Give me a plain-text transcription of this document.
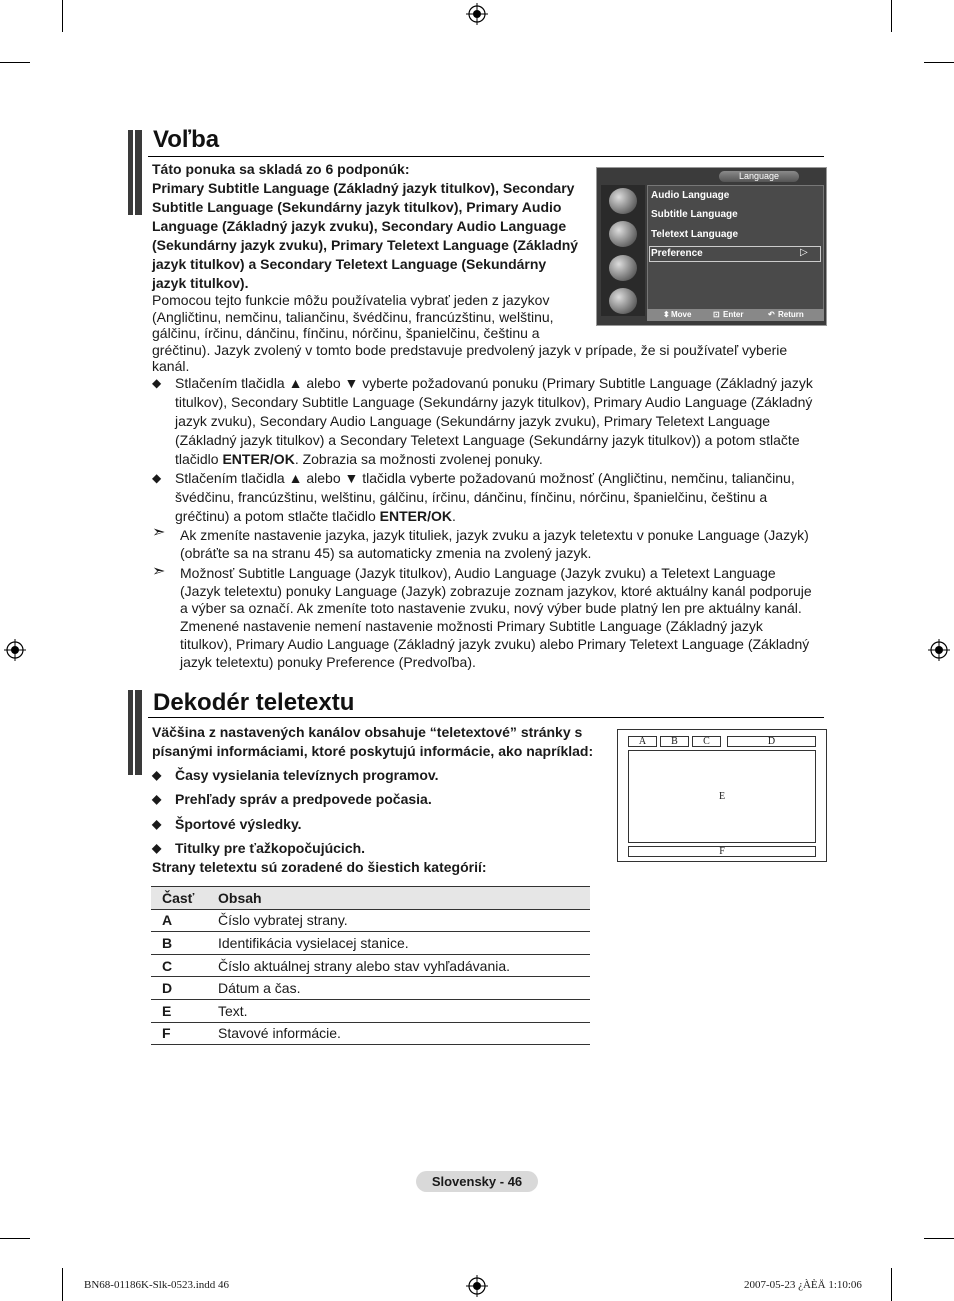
Voľba
Táto ponuka sa skladá zo 6 podponúk:
Primary Subtitle Language (Základný jazyk titulkov), Secondary
Subtitle Language (Sekundárny jazyk titulkov), Primary Audio
Language (Základný jazyk zvuku), Secondary Audio Language
(Sekundárny jazyk zvuku), Primary Teletext Language (Základný
jazyk titulkov) a Secondary Teletext Language (Sekundárny
jazyk titulkov).
Pomocou tejto funkcie môžu používatelia vybrať jeden z jazykov
(Angličtinu, nemčinu, taliančinu, švédčinu, francúzštinu, welštinu,
gálčinu, írčinu, dánčinu, fínčinu, nórčinu, španielčinu, češtinu a
gréčtinu). Jazyk zvolený v tomto bode predstavuje predvolený jazyk v prípade, že si používateľ vyberie
kanál.
Language
Audio Language
Subtitle Language
Teletext Language
Preference	▷
⬍ Move	⊡ Enter	↶ Return
◆ Stlačením tlačidla ▲ alebo ▼ vyberte požadovanú ponuku (Primary Subtitle Language (Základný jazyk
titulkov), Secondary Subtitle Language (Sekundárny jazyk titulkov), Primary Audio Language (Základný
jazyk zvuku), Secondary Audio Language (Sekundárny jazyk zvuku), Primary Teletext Language
(Základný jazyk titulkov) a Secondary Teletext Language (Sekundárny jazyk titulkov)) a potom stlačte
tlačidlo ENTER/OK. Zobrazia sa možnosti zvolenej ponuky.
◆ Stlačením tlačidla ▲ alebo ▼ tlačidla vyberte požadovanú možnosť (Angličtinu, nemčinu, taliančinu,
švédčinu, francúzštinu, welštinu, gálčinu, írčinu, dánčinu, fínčinu, nórčinu, španielčinu, češtinu a
gréčtinu) a potom stlačte tlačidlo ENTER/OK.
➣ Ak zmeníte nastavenie jazyka, jazyk tituliek, jazyk zvuku a jazyk teletextu v ponuke Language (Jazyk)
(obráťte sa na stranu 45) sa automaticky zmenia na zvolený jazyk.
➣ Možnosť Subtitle Language (Jazyk titulkov), Audio Language (Jazyk zvuku) a Teletext Language
(Jazyk teletextu) ponuky Language (Jazyk) zobrazuje zoznam jazykov, ktoré aktuálny kanál podporuje
a výber sa označí. Ak zmeníte toto nastavenie zvuku, nový výber bude platný len pre aktuálny kanál.
Zmenené nastavenie nemení nastavenie možnosti Primary Subtitle Language (Základný jazyk
titulkov), Primary Audio Language (Základný jazyk zvuku) alebo Primary Teletext Language (Základný
jazyk teletextu) ponuky Preference (Predvoľba).
Dekodér teletextu
Väčšina z nastavených kanálov obsahuje “teletextové” stránky s
písanými informáciami, ktoré poskytujú informácie, ako napríklad:
◆ Časy vysielania televíznych programov.
◆ Prehľady správ a predpovede počasia.
◆ Športové výsledky.
◆ Titulky pre ťažkopočujúcich.
Strany teletextu sú zoradené do šiestich kategórií:
A	B	C	D
E
F
Časť	Obsah
A	Číslo vybratej strany.
B	Identifikácia vysielacej stanice.
C	Číslo aktuálnej strany alebo stav vyhľadávania.
D	Dátum a čas.
E	Text.
F	Stavové informácie.
Slovensky - 46
BN68-01186K-Slk-0523.indd 46	2007-05-23 ¿ÀÈÄ 1:10:06
